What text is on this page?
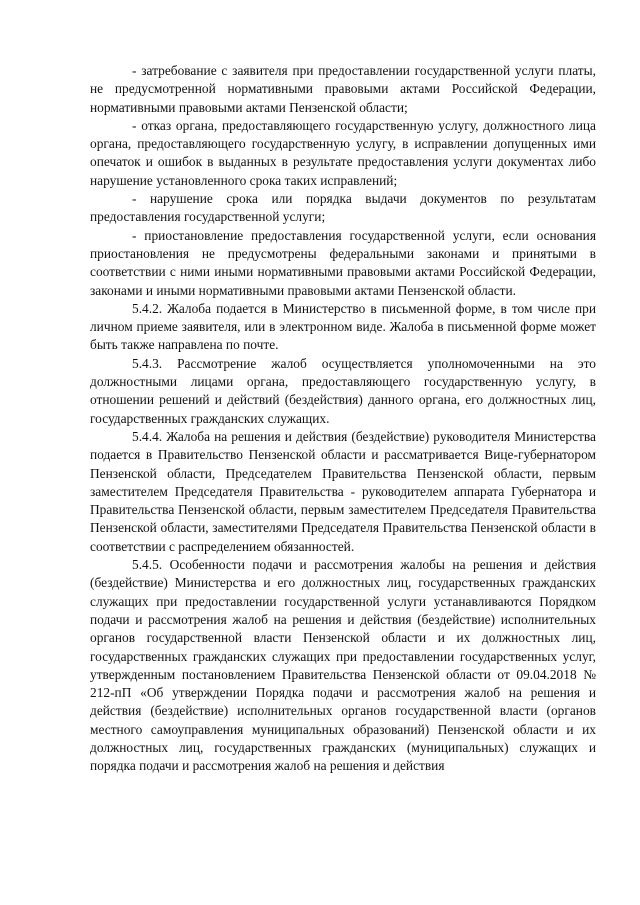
- затребование с заявителя при предоставлении государственной услуги платы, не предусмотренной нормативными правовыми актами Российской Федерации, нормативными правовыми актами Пензенской области;

- отказ органа, предоставляющего государственную услугу, должностного лица органа, предоставляющего государственную услугу, в исправлении допущенных ими опечаток и ошибок в выданных в результате предоставления услуги документах либо нарушение установленного срока таких исправлений;

- нарушение срока или порядка выдачи документов по результатам предоставления государственной услуги;

- приостановление предоставления государственной услуги, если основания приостановления не предусмотрены федеральными законами и принятыми в соответствии с ними иными нормативными правовыми актами Российской Федерации, законами и иными нормативными правовыми актами Пензенской области.

5.4.2. Жалоба подается в Министерство в письменной форме, в том числе при личном приеме заявителя, или в электронном виде. Жалоба в письменной форме может быть также направлена по почте.

5.4.3. Рассмотрение жалоб осуществляется уполномоченными на это должностными лицами органа, предоставляющего государственную услугу, в отношении решений и действий (бездействия) данного органа, его должностных лиц, государственных гражданских служащих.

5.4.4. Жалоба на решения и действия (бездействие) руководителя Министерства подается в Правительство Пензенской области и рассматривается Вице-губернатором Пензенской области, Председателем Правительства Пензенской области, первым заместителем Председателя Правительства - руководителем аппарата Губернатора и Правительства Пензенской области, первым заместителем Председателя Правительства Пензенской области, заместителями Председателя Правительства Пензенской области в соответствии с распределением обязанностей.

5.4.5. Особенности подачи и рассмотрения жалобы на решения и действия (бездействие) Министерства и его должностных лиц, государственных гражданских служащих при предоставлении государственной услуги устанавливаются Порядком подачи и рассмотрения жалоб на решения и действия (бездействие) исполнительных органов государственной власти Пензенской области и их должностных лиц, государственных гражданских служащих при предоставлении государственных услуг, утвержденным постановлением Правительства Пензенской области от 09.04.2018 № 212-пП «Об утверждении Порядка подачи и рассмотрения жалоб на решения и действия (бездействие) исполнительных органов государственной власти (органов местного самоуправления муниципальных образований) Пензенской области и их должностных лиц, государственных гражданских (муниципальных) служащих и порядка подачи и рассмотрения жалоб на решения и действия
